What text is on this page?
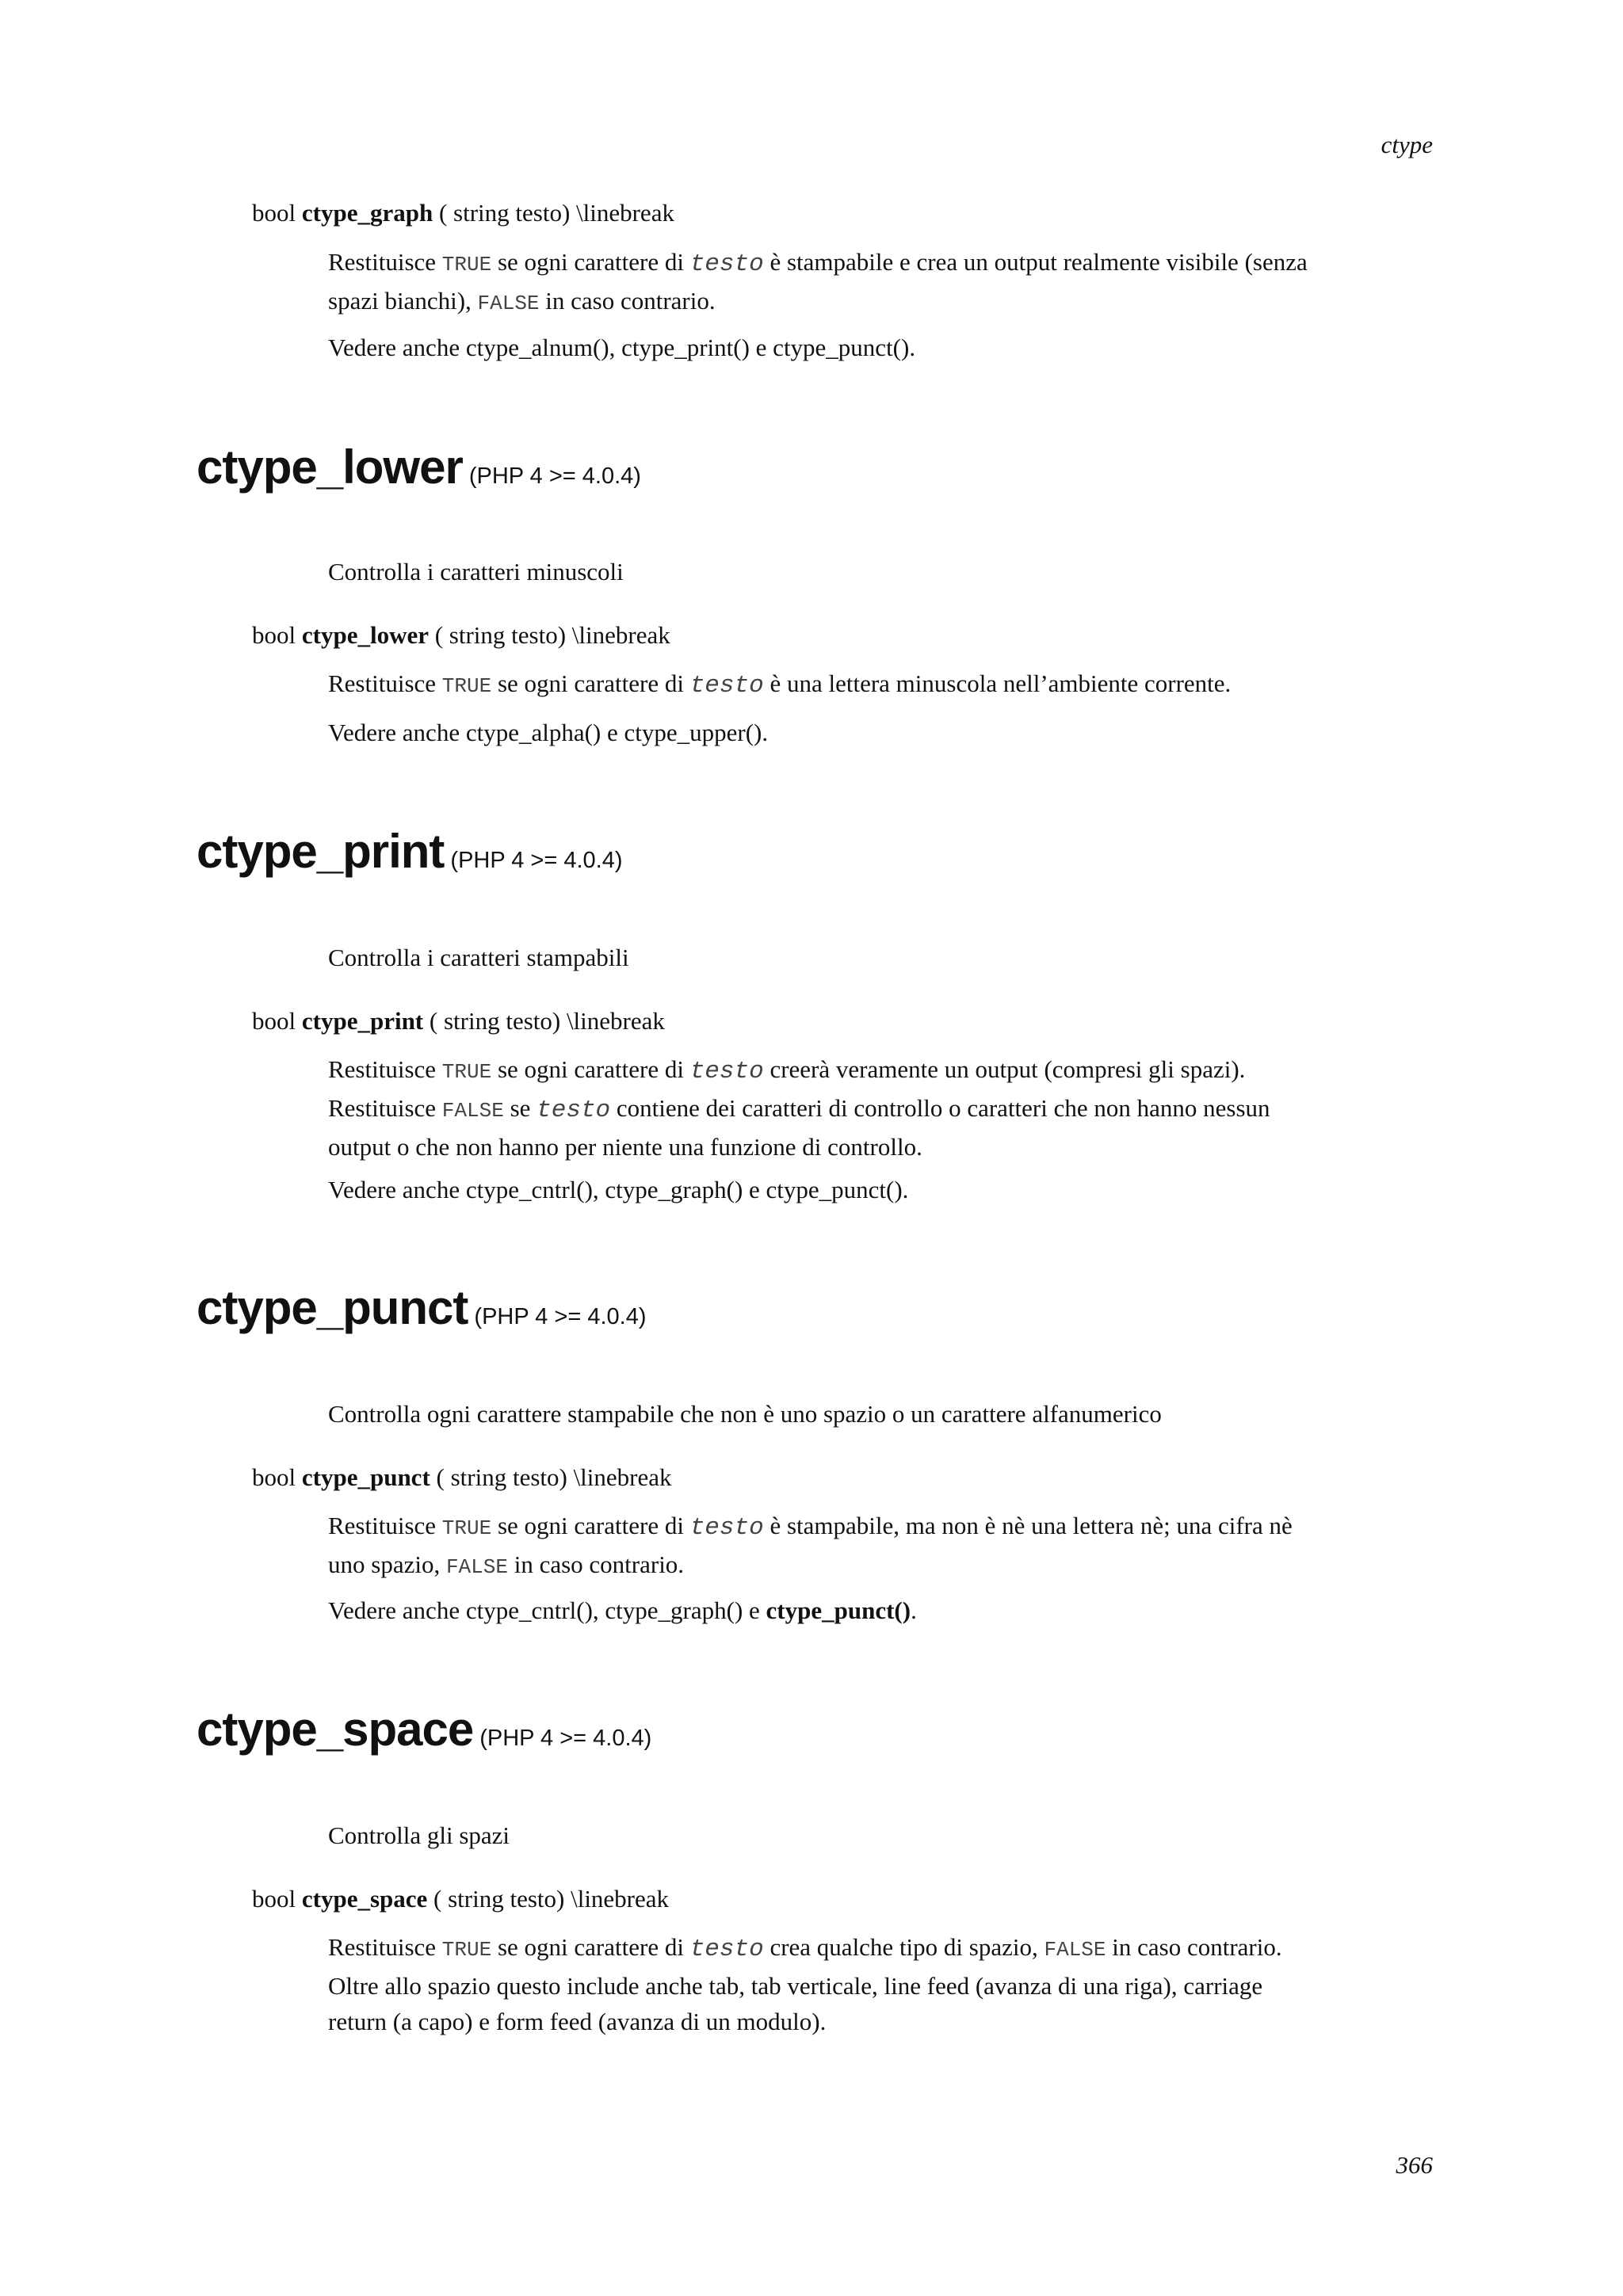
ctype
bool ctype_graph ( string testo) \linebreak
Restituisce TRUE se ogni carattere di testo è stampabile e crea un output realmente visibile (senza
spazi bianchi), FALSE in caso contrario.
Vedere anche ctype_alnum(), ctype_print() e ctype_punct().
ctype_lower (PHP 4 >= 4.0.4)
Controlla i caratteri minuscoli
bool ctype_lower ( string testo) \linebreak
Restituisce TRUE se ogni carattere di testo è una lettera minuscola nell’ambiente corrente.
Vedere anche ctype_alpha() e ctype_upper().
ctype_print (PHP 4 >= 4.0.4)
Controlla i caratteri stampabili
bool ctype_print ( string testo) \linebreak
Restituisce TRUE se ogni carattere di testo creerà veramente un output (compresi gli spazi).
Restituisce FALSE se testo contiene dei caratteri di controllo o caratteri che non hanno nessun
output o che non hanno per niente una funzione di controllo.
Vedere anche ctype_cntrl(), ctype_graph() e ctype_punct().
ctype_punct (PHP 4 >= 4.0.4)
Controlla ogni carattere stampabile che non è uno spazio o un carattere alfanumerico
bool ctype_punct ( string testo) \linebreak
Restituisce TRUE se ogni carattere di testo è stampabile, ma non è nè una lettera nè; una cifra nè
uno spazio, FALSE in caso contrario.
Vedere anche ctype_cntrl(), ctype_graph() e ctype_punct().
ctype_space (PHP 4 >= 4.0.4)
Controlla gli spazi
bool ctype_space ( string testo) \linebreak
Restituisce TRUE se ogni carattere di testo crea qualche tipo di spazio, FALSE in caso contrario.
Oltre allo spazio questo include anche tab, tab verticale, line feed (avanza di una riga), carriage
return (a capo) e form feed (avanza di un modulo).
366
